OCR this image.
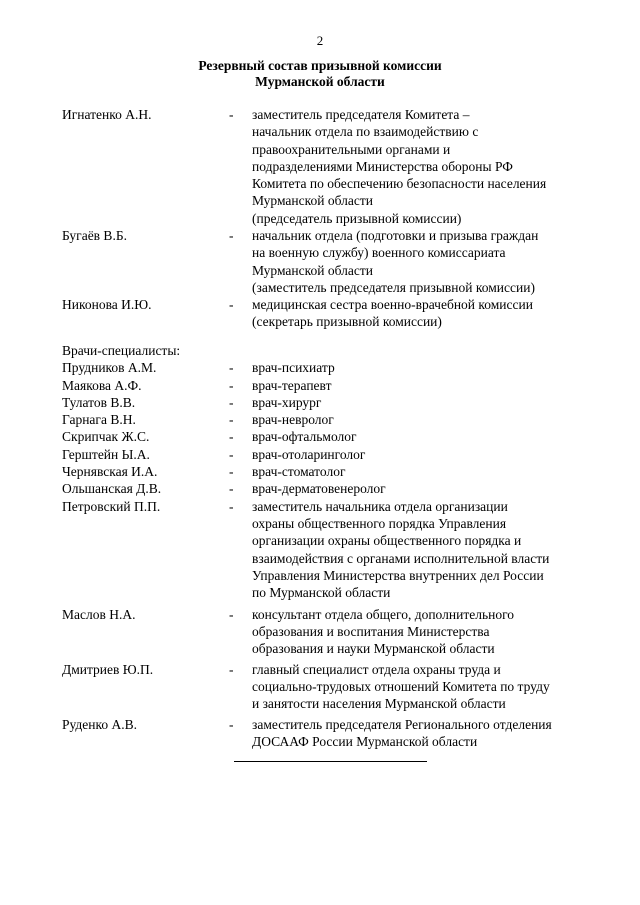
2
Резервный состав призывной комиссии
Мурманской области
Игнатенко А.Н.	- заместитель председателя Комитета –
начальник отдела по взаимодействию с
правоохранительными органами и
подразделениями Министерства обороны РФ
Комитета по обеспечению безопасности населения
Мурманской области
(председатель призывной комиссии)
Бугаёв В.Б.	- начальник отдела (подготовки и призыва граждан
на военную службу) военного комиссариата
Мурманской области
(заместитель председателя призывной комиссии)
Никонова И.Ю.	- медицинская сестра военно-врачебной комиссии
(секретарь призывной комиссии)
Врачи-специалисты:
Прудников А.М.	- врач-психиатр
Маякова А.Ф.	- врач-терапевт
Тулатов В.В.	- врач-хирург
Гарнага В.Н.	- врач-невролог
Скрипчак Ж.С.	- врач-офтальмолог
Герштейн Ы.А.	- врач-отоларинголог
Чернявская И.А.	- врач-стоматолог
Ольшанская Д.В.	- врач-дерматовенеролог
Петровский П.П.	- заместитель начальника отдела организации
охраны общественного порядка Управления
организации охраны общественного порядка и
взаимодействия с органами исполнительной власти
Управления Министерства внутренних дел России
по Мурманской области
Маслов Н.А.	- консультант отдела общего, дополнительного
образования и воспитания Министерства
образования и науки Мурманской области
Дмитриев Ю.П.	- главный специалист отдела охраны труда и
социально-трудовых отношений Комитета по труду
и занятости населения Мурманской области
Руденко А.В.	- заместитель председателя Регионального отделения
ДОСААФ России Мурманской области
